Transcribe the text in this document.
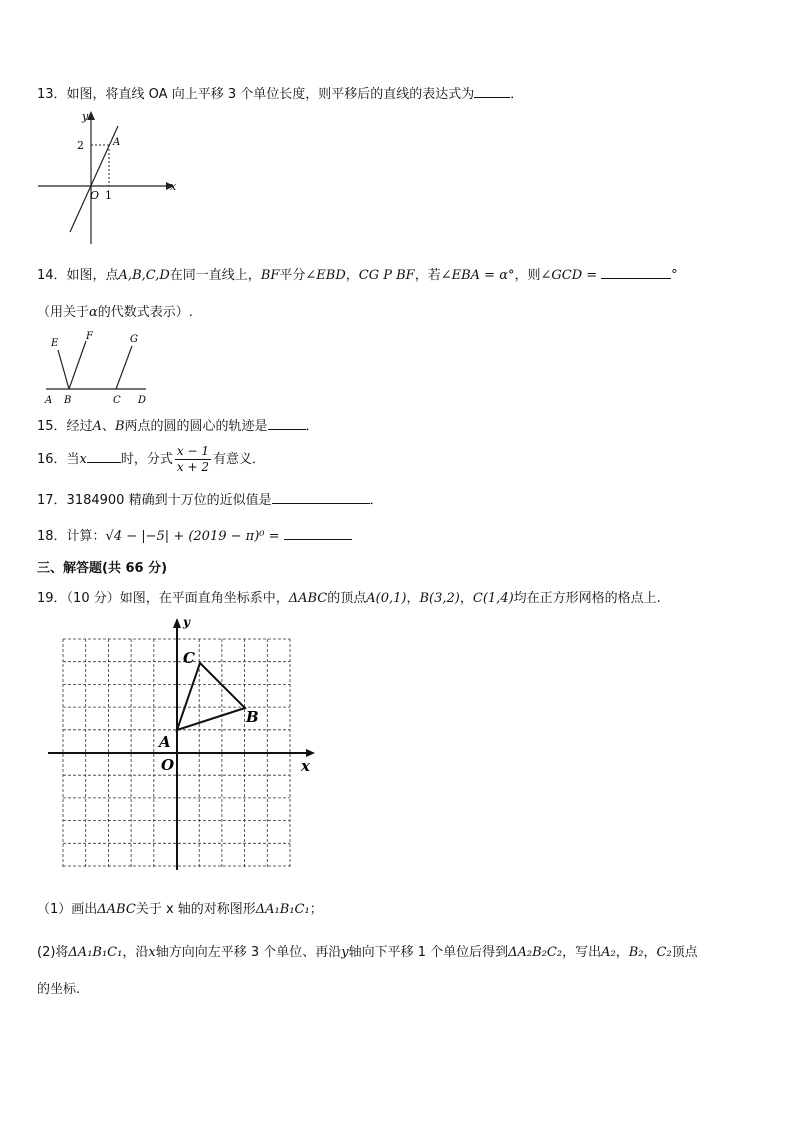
13．如图，将直线 OA 向上平移 3 个单位长度，则平移后的直线的表达式为	．
y
x
2	A
O 1
14．如图，点A,B,C,D在同一直线上，BF平分∠EBD，CG P BF，若∠EBA = α°，则∠GCD =	°
（用关于α的代数式表示）.
E
F	G
A B	C D
15．经过A、B两点的圆的圆心的轨迹是	．
16．当x	时，分式 $\frac{x - 1}{x + 2}$ 有意义．
17．3184900 精确到十万位的近似值是	．
18．计算：√4 − |−5| + (2019 − π)⁰ =
三、解答题(共 66 分)
19．（10 分）如图，在平面直角坐标系中，ΔABC的顶点A(0,1)，B(3,2)，C(1,4)均在正方形网格的格点上.
y
x
O
A
B
C
（1）画出ΔABC关于 x 轴的对称图形ΔA₁B₁C₁；
(2)将ΔA₁B₁C₁，沿x轴方向向左平移 3 个单位、再沿y轴向下平移 1 个单位后得到ΔA₂B₂C₂，写出A₂，B₂，C₂顶点
的坐标.
